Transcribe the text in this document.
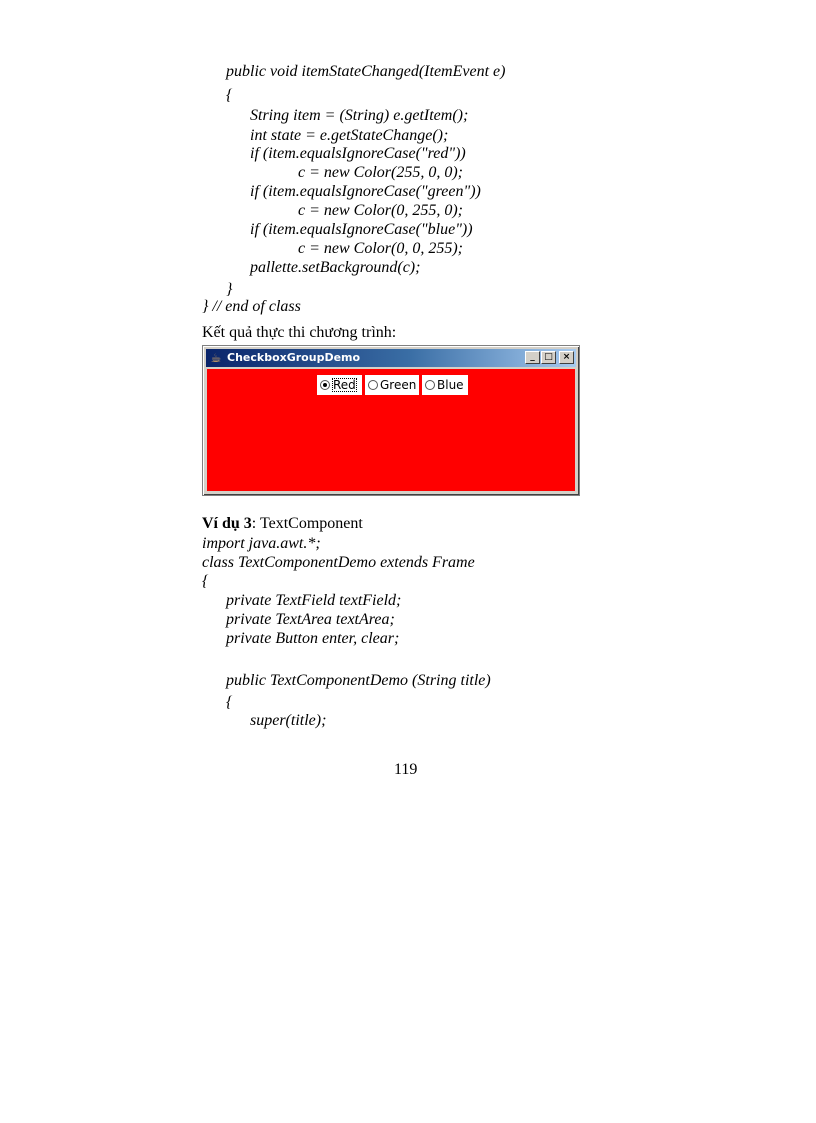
public void itemStateChanged(ItemEvent e)
{
String item = (String) e.getItem();
int state = e.getStateChange();
if (item.equalsIgnoreCase("red"))
c = new Color(255, 0, 0);
if (item.equalsIgnoreCase("green"))
c = new Color(0, 255, 0);
if (item.equalsIgnoreCase("blue"))
c = new Color(0, 0, 255);
pallette.setBackground(c);
}
} // end of class
Kết quả thực thi chương trình:
☕ CheckboxGroupDemo	_	□	×
Red	Green	Blue
Ví dụ 3: TextComponent
import java.awt.*;
class TextComponentDemo extends Frame
{
private TextField textField;
private TextArea textArea;
private Button enter, clear;
public TextComponentDemo (String title)
{
super(title);
119
